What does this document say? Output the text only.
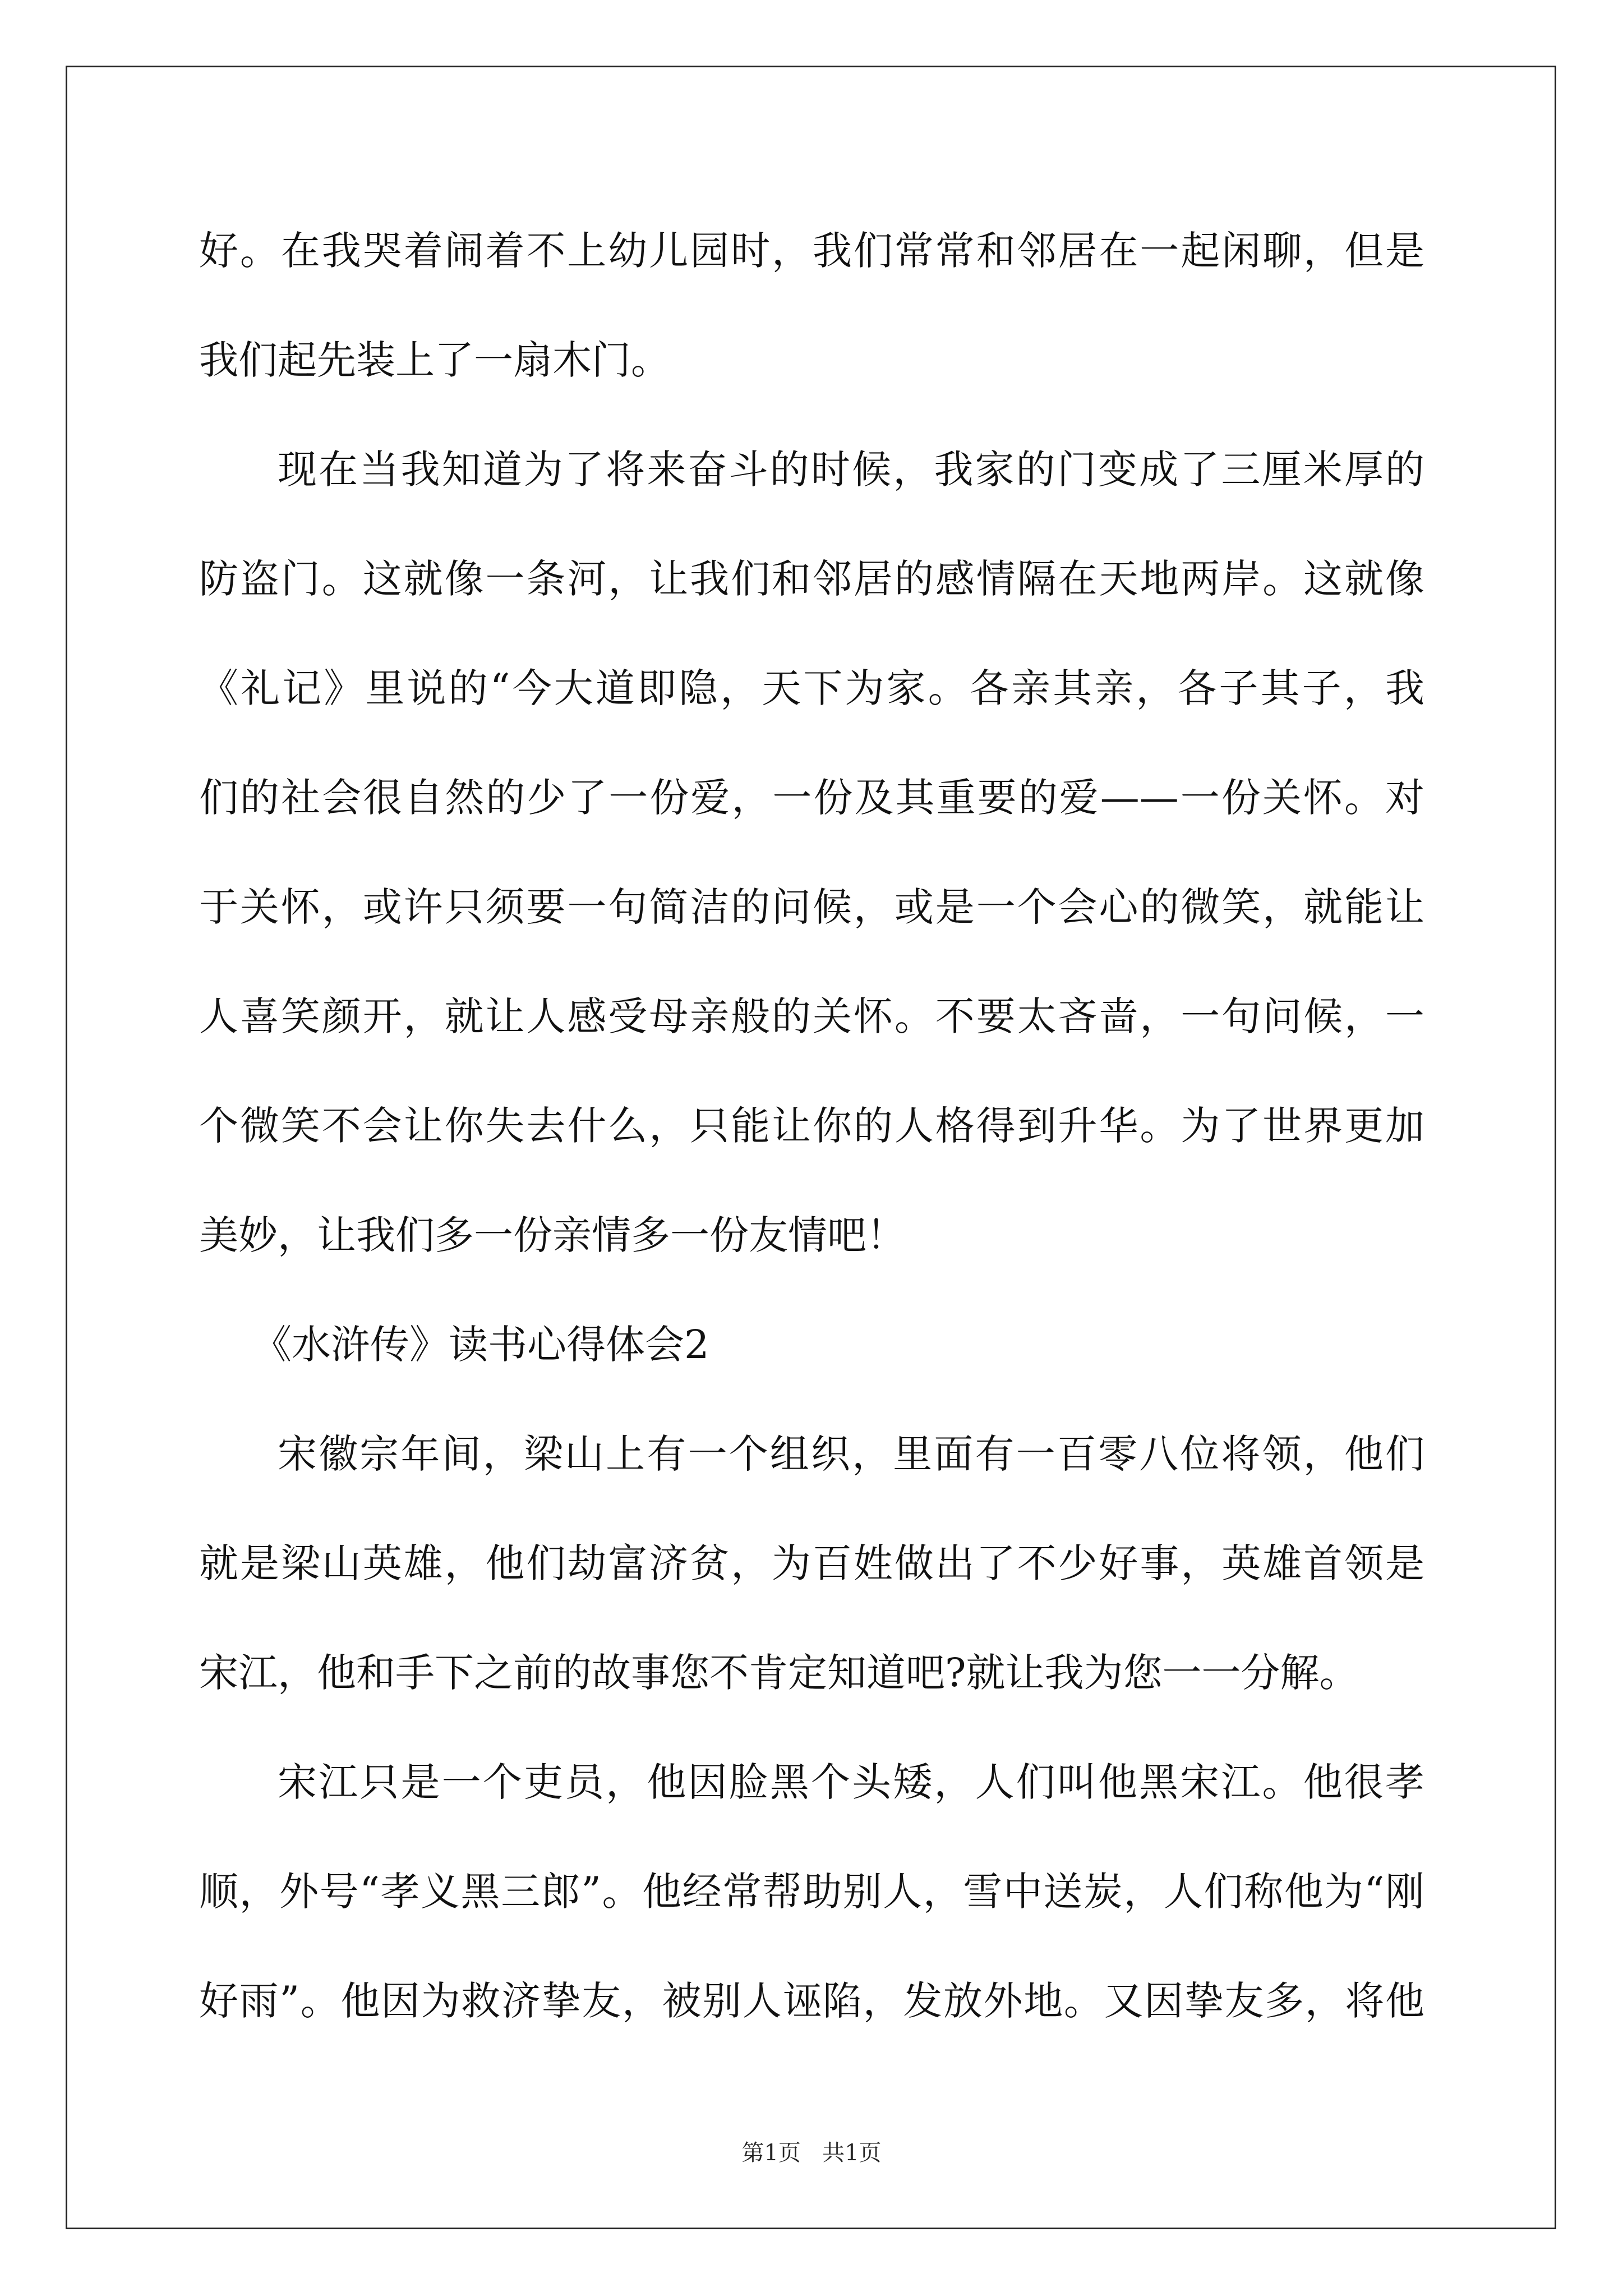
好。在我哭着闹着不上幼儿园时，我们常常和邻居在一起闲聊，但是
我们起先装上了一扇木门。
现在当我知道为了将来奋斗的时候，我家的门变成了三厘米厚的
防盗门。这就像一条河，让我们和邻居的感情隔在天地两岸。这就像
《礼记》里说的“今大道即隐，天下为家。各亲其亲，各子其子，我
们的社会很自然的少了一份爱，一份及其重要的爱——一份关怀。对
于关怀，或许只须要一句简洁的问候，或是一个会心的微笑，就能让
人喜笑颜开，就让人感受母亲般的关怀。不要太吝啬，一句问候，一
个微笑不会让你失去什么，只能让你的人格得到升华。为了世界更加
美妙，让我们多一份亲情多一份友情吧！
《水浒传》读书心得体会2
宋徽宗年间，梁山上有一个组织，里面有一百零八位将领，他们
就是梁山英雄，他们劫富济贫，为百姓做出了不少好事，英雄首领是
宋江，他和手下之前的故事您不肯定知道吧?就让我为您一一分解。
宋江只是一个吏员，他因脸黑个头矮，人们叫他黑宋江。他很孝
顺，外号“孝义黑三郎”。他经常帮助别人，雪中送炭，人们称他为“刚
好雨”。他因为救济挚友，被别人诬陷，发放外地。又因挚友多，将他
第1页 共1页
